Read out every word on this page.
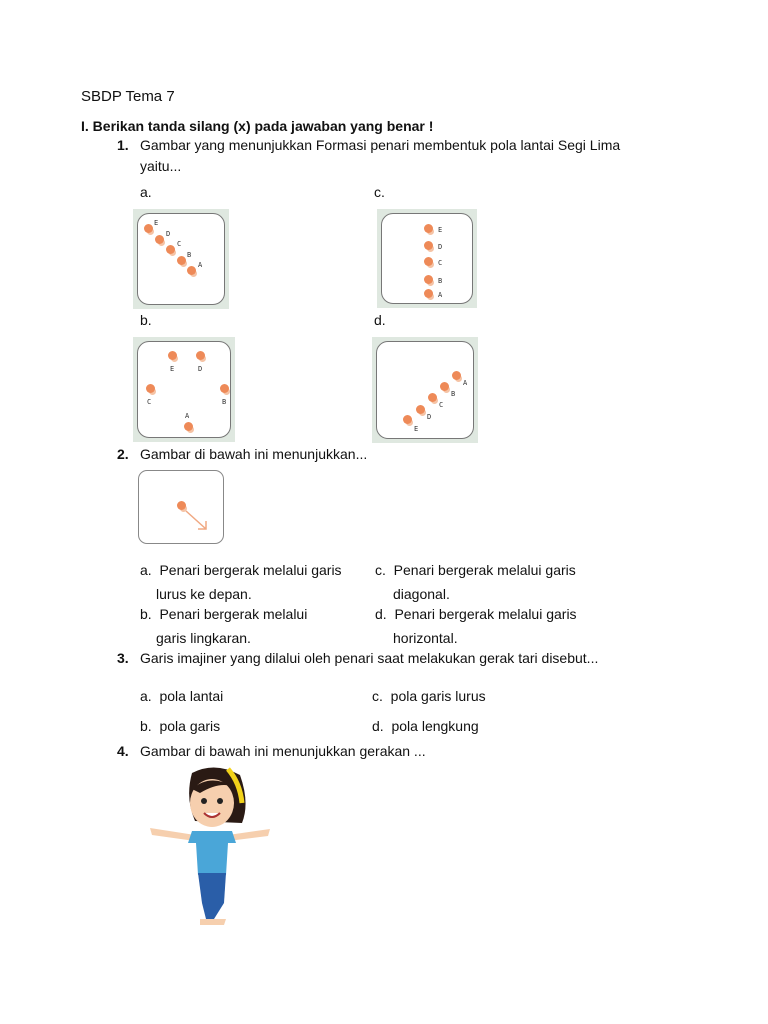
SBDP Tema 7
I. Berikan tanda silang (x) pada jawaban yang benar !
1. Gambar yang menunjukkan Formasi penari membentuk pola lantai Segi Lima
yaitu...
a.	c.
b.	d.
E
D
C
B
A
E
D
C
B
A
E	D
C	B
A
A
B
C
D
E
2. Gambar di bawah ini menunjukkan...
a. Penari bergerak melalui garis
lurus ke depan.
c. Penari bergerak melalui garis
diagonal.
b. Penari bergerak melalui
garis lingkaran.
d. Penari bergerak melalui garis
horizontal.
3. Garis imajiner yang dilalui oleh penari saat melakukan gerak tari disebut...
a. pola lantai	c. pola garis lurus
b. pola garis	d. pola lengkung
4. Gambar di bawah ini menunjukkan gerakan ...
